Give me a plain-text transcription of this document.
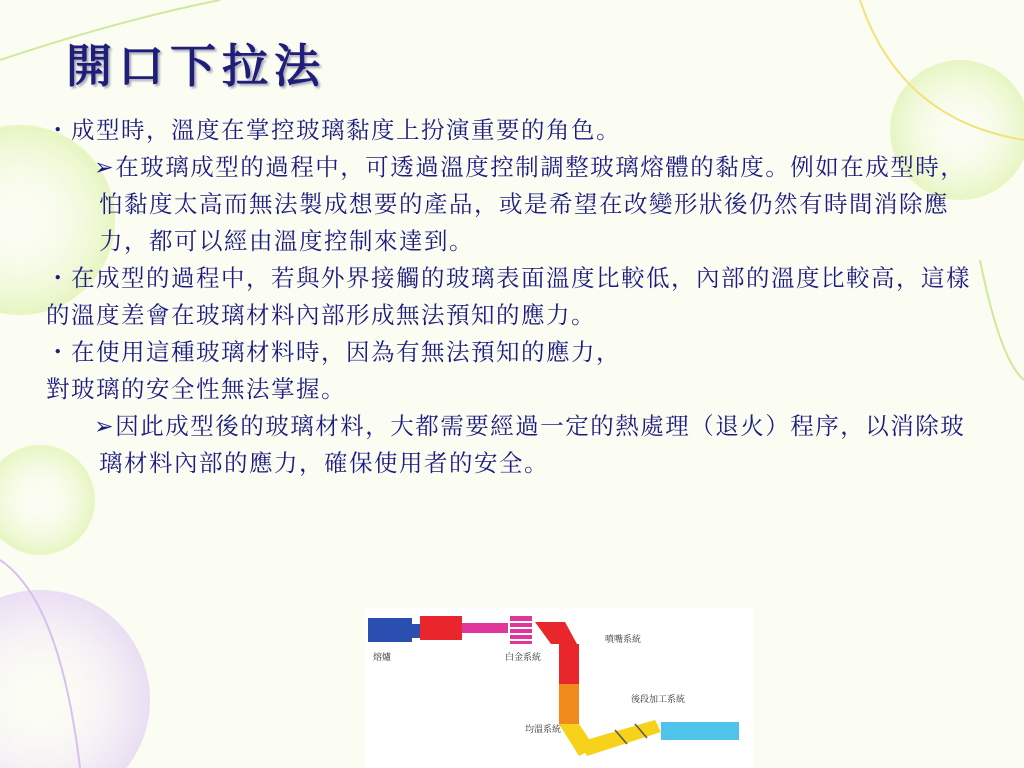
開口下拉法

・成型時，溫度在掌控玻璃黏度上扮演重要的角色。

➢在玻璃成型的過程中，可透過溫度控制調整玻璃熔體的黏度。例如在成型時，怕黏度太高而無法製成想要的產品，或是希望在改變形狀後仍然有時間消除應力，都可以經由溫度控制來達到。

・在成型的過程中，若與外界接觸的玻璃表面溫度比較低，內部的溫度比較高，這樣的溫度差會在玻璃材料內部形成無法預知的應力。

・在使用這種玻璃材料時，因為有無法預知的應力，

對玻璃的安全性無法掌握。

➢因此成型後的玻璃材料，大都需要經過一定的熱處理（退火）程序，以消除玻璃材料內部的應力，確保使用者的安全。

熔爐	白金系統
噴嘴系統
後段加工系統
均溫系統
